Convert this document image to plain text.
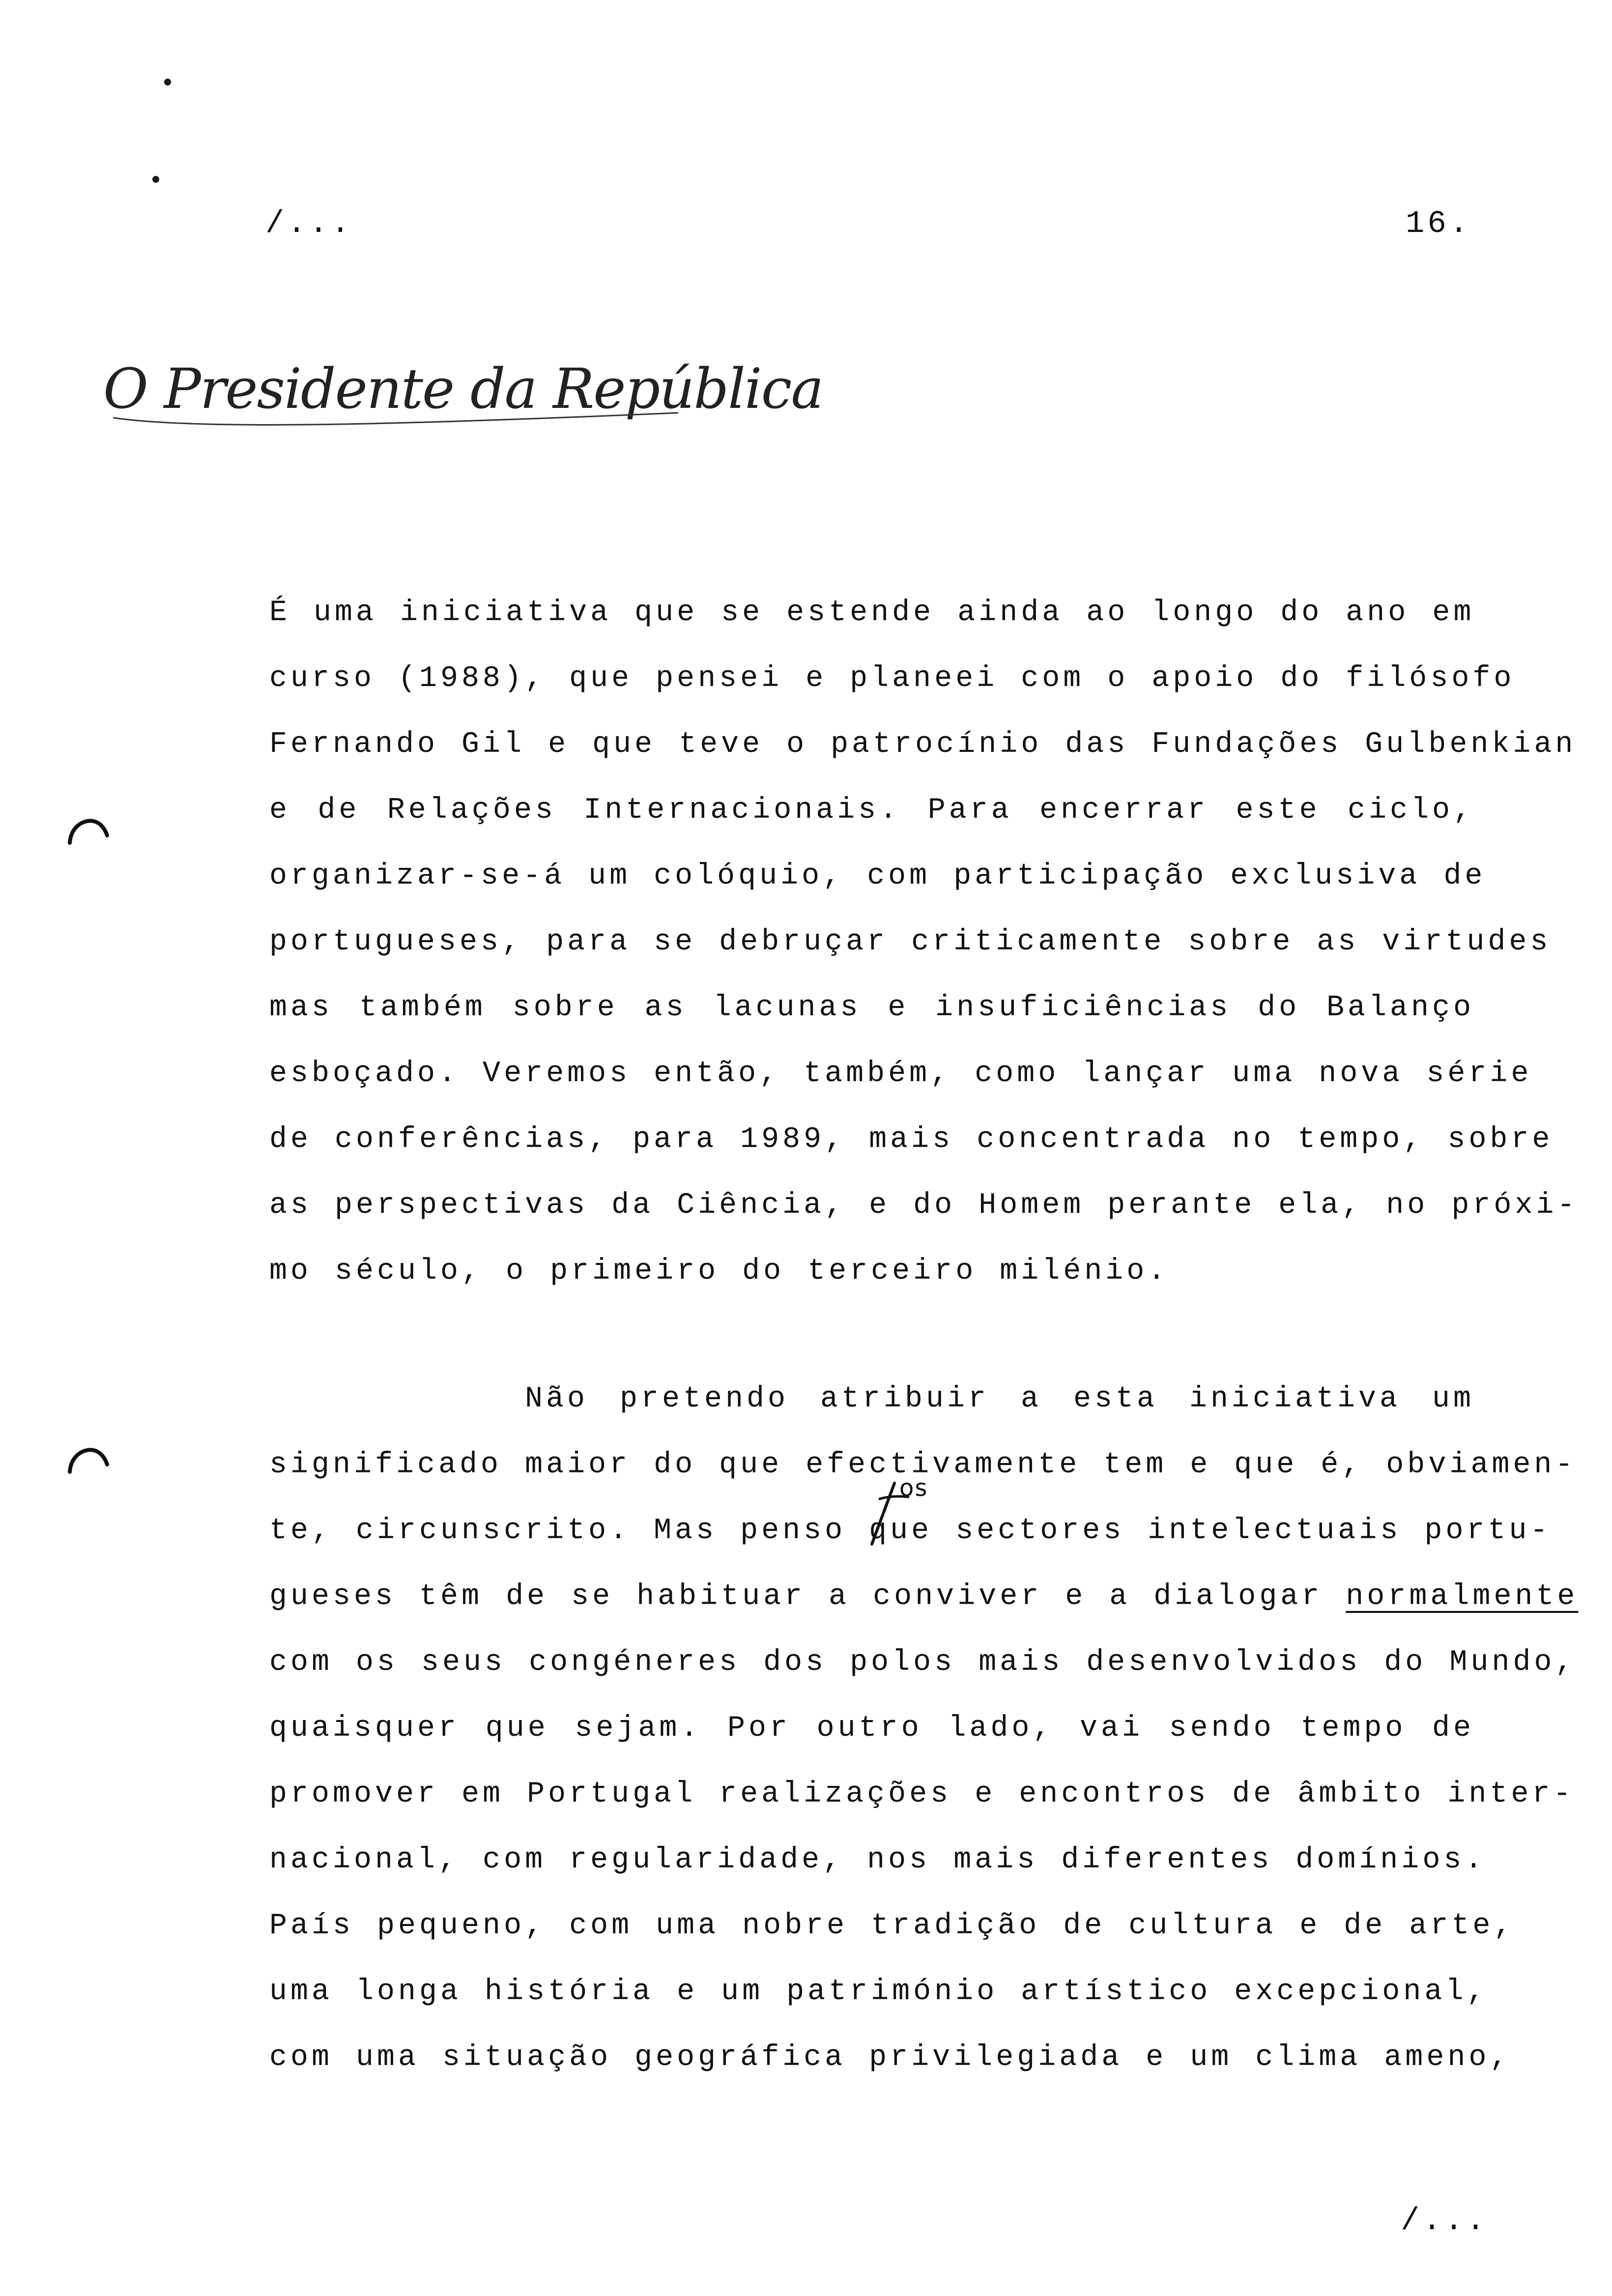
/...	16.
O Presidente da República
É uma iniciativa que se estende ainda ao longo do ano em
curso (1988), que pensei e planeei com o apoio do filósofo
Fernando Gil e que teve o patrocínio das Fundações Gulbenkian
e de Relações Internacionais. Para encerrar este ciclo,
organizar-se-á um colóquio, com participação exclusiva de
portugueses, para se debruçar criticamente sobre as virtudes
mas também sobre as lacunas e insuficiências do Balanço
esboçado. Veremos então, também, como lançar uma nova série
de conferências, para 1989, mais concentrada no tempo, sobre
as perspectivas da Ciência, e do Homem perante ela, no próxi-
mo século, o primeiro do terceiro milénio.
os
Não pretendo atribuir a esta iniciativa um
significado maior do que efectivamente tem e que é, obviamen-
te, circunscrito. Mas penso que sectores intelectuais portu-
gueses têm de se habituar a conviver e a dialogar normalmente
com os seus congéneres dos polos mais desenvolvidos do Mundo,
quaisquer que sejam. Por outro lado, vai sendo tempo de
promover em Portugal realizações e encontros de âmbito inter-
nacional, com regularidade, nos mais diferentes domínios.
País pequeno, com uma nobre tradição de cultura e de arte,
uma longa história e um património artístico excepcional,
com uma situação geográfica privilegiada e um clima ameno,
/...
